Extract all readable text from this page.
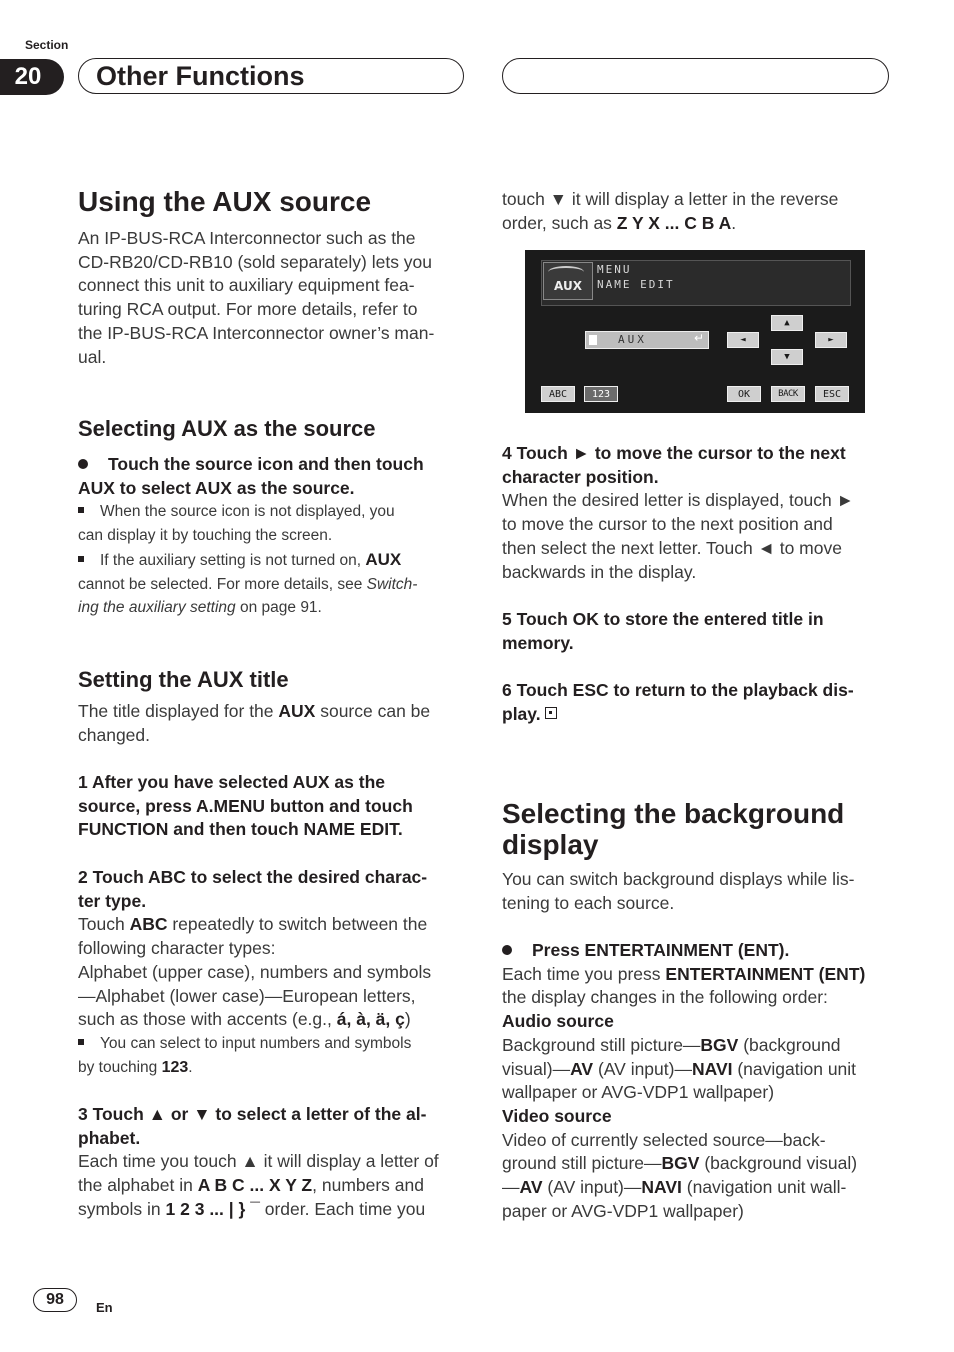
Section
20	Other Functions
Using the AUX source
An IP-BUS-RCA Interconnector such as the
CD-RB20/CD-RB10 (sold separately) lets you
connect this unit to auxiliary equipment fea-
turing RCA output. For more details, refer to
the IP-BUS-RCA Interconnector owner’s man-
ual.
Selecting AUX as the source
Touch the source icon and then touch
AUX to select AUX as the source.
When the source icon is not displayed, you
can display it by touching the screen.
If the auxiliary setting is not turned on, AUX
cannot be selected. For more details, see Switch-
ing the auxiliary setting on page 91.
Setting the AUX title
The title displayed for the AUX source can be
changed.
1 After you have selected AUX as the
source, press A.MENU button and touch
FUNCTION and then touch NAME EDIT.
2 Touch ABC to select the desired charac-
ter type.
Touch ABC repeatedly to switch between the
following character types:
Alphabet (upper case), numbers and symbols
—Alphabet (lower case)—European letters,
such as those with accents (e.g., á, à, ä, ç)
You can select to input numbers and symbols
by touching 123.
3 Touch ▲ or ▼ to select a letter of the al-
phabet.
Each time you touch ▲ it will display a letter of
the alphabet in A B C ... X Y Z, numbers and
symbols in 1 2 3 ... | } ¯ order. Each time you
touch ▼ it will display a letter in the reverse
order, such as Z Y X ... C B A.
AUX
MENU
NAME EDIT
AUX	↵
▲
◄	►
▼
ABC	123	OK	BACK	ESC
4 Touch ► to move the cursor to the next
character position.
When the desired letter is displayed, touch ►
to move the cursor to the next position and
then select the next letter. Touch ◄ to move
backwards in the display.
5 Touch OK to store the entered title in
memory.
6 Touch ESC to return to the playback dis-
play.
Selecting the background
display
You can switch background displays while lis-
tening to each source.
Press ENTERTAINMENT (ENT).
Each time you press ENTERTAINMENT (ENT)
the display changes in the following order:
Audio source
Background still picture—BGV (background
visual)—AV (AV input)—NAVI (navigation unit
wallpaper or AVG-VDP1 wallpaper)
Video source
Video of currently selected source—back-
ground still picture—BGV (background visual)
—AV (AV input)—NAVI (navigation unit wall-
paper or AVG-VDP1 wallpaper)
98	En
